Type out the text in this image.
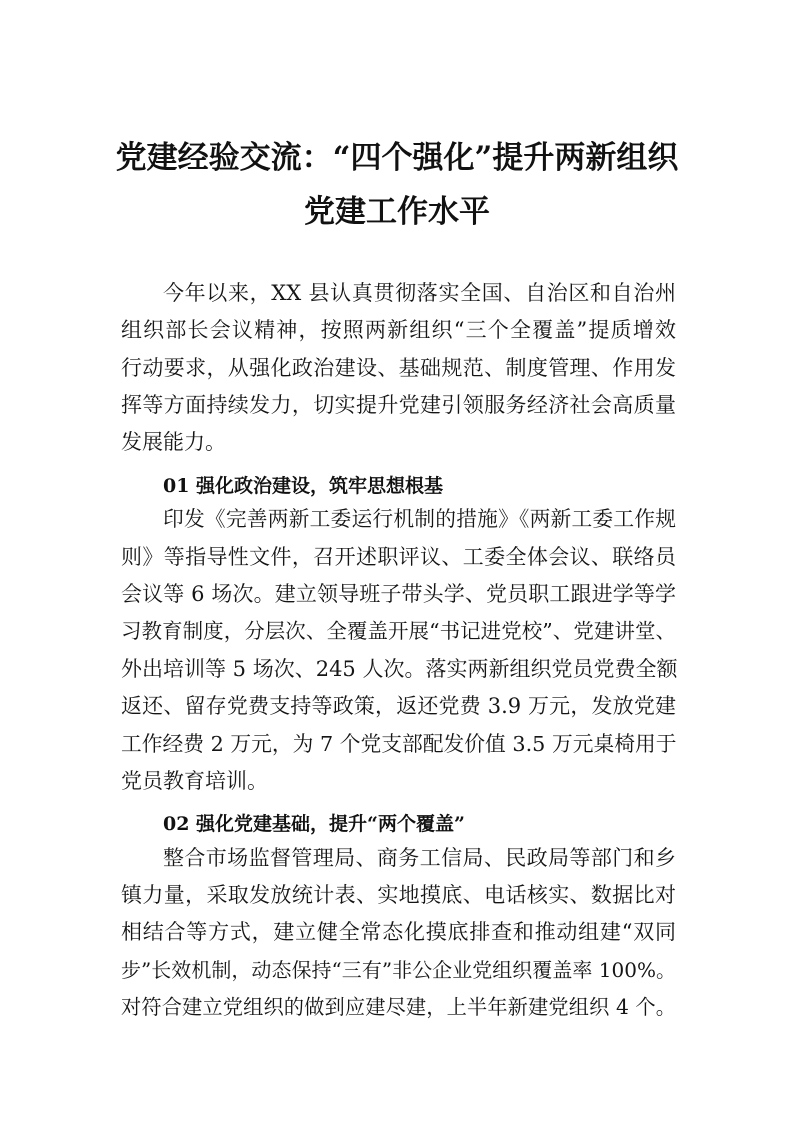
党建经验交流：“四个强化”提升两新组织
党建工作水平
今年以来，XX 县认真贯彻落实全国、自治区和自治州
组织部长会议精神，按照两新组织“三个全覆盖”提质增效
行动要求，从强化政治建设、基础规范、制度管理、作用发
挥等方面持续发力，切实提升党建引领服务经济社会高质量
发展能力。
01 强化政治建设，筑牢思想根基
印发《完善两新工委运行机制的措施》《两新工委工作规
则》等指导性文件，召开述职评议、工委全体会议、联络员
会议等 6 场次。建立领导班子带头学、党员职工跟进学等学
习教育制度，分层次、全覆盖开展“书记进党校”、党建讲堂、
外出培训等 5 场次、245 人次。落实两新组织党员党费全额
返还、留存党费支持等政策，返还党费 3.9 万元，发放党建
工作经费 2 万元，为 7 个党支部配发价值 3.5 万元桌椅用于
党员教育培训。
02 强化党建基础，提升“两个覆盖”
整合市场监督管理局、商务工信局、民政局等部门和乡
镇力量，采取发放统计表、实地摸底、电话核实、数据比对
相结合等方式，建立健全常态化摸底排查和推动组建“双同
步”长效机制，动态保持“三有”非公企业党组织覆盖率 100%。
对符合建立党组织的做到应建尽建，上半年新建党组织 4 个。
